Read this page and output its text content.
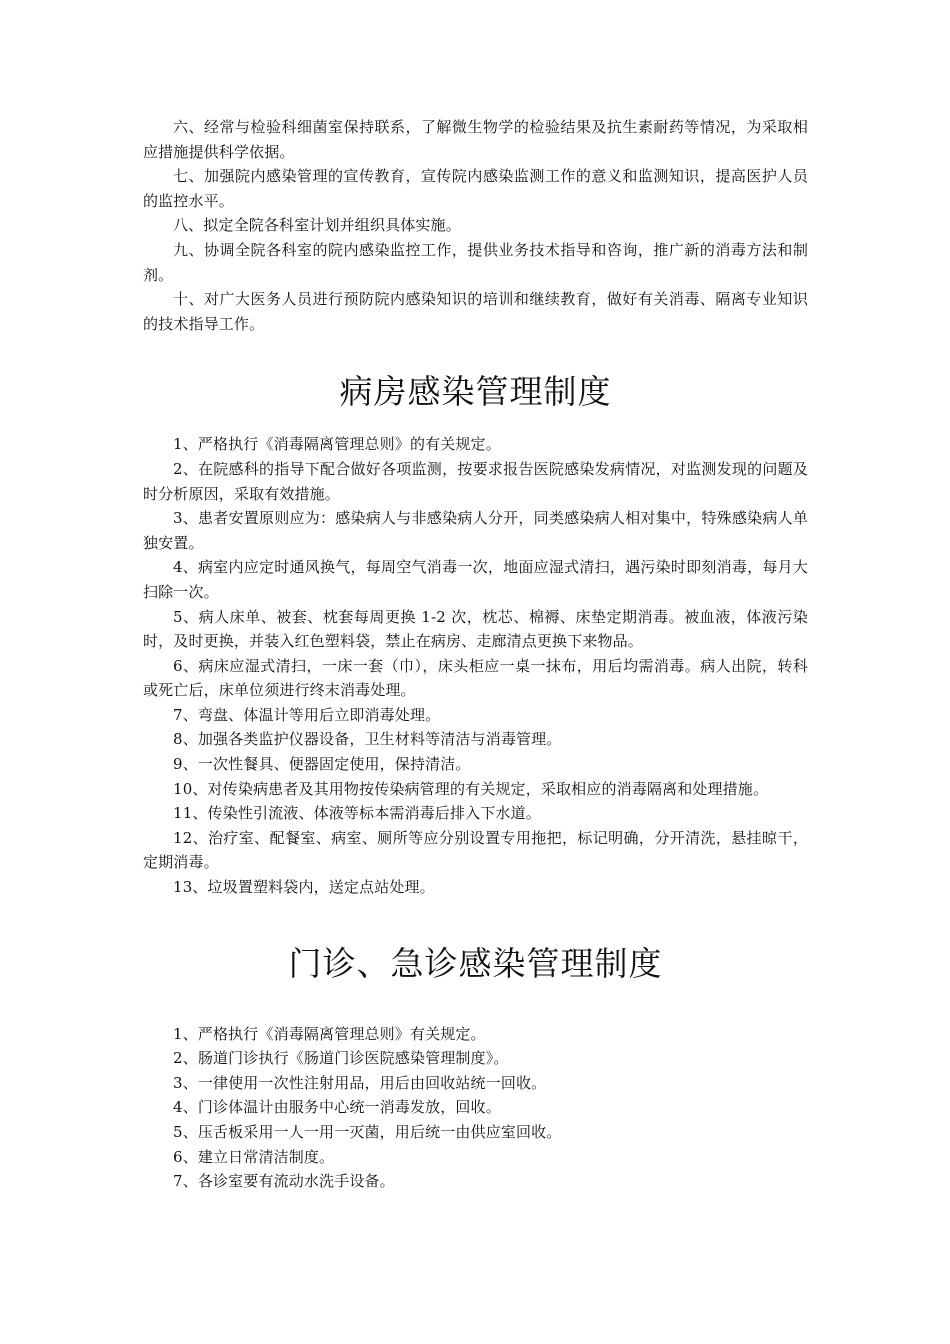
六、经常与检验科细菌室保持联系，了解微生物学的检验结果及抗生素耐药等情况，为采取相应措施提供科学依据。

七、加强院内感染管理的宣传教育，宣传院内感染监测工作的意义和监测知识，提高医护人员的监控水平。

八、拟定全院各科室计划并组织具体实施。

九、协调全院各科室的院内感染监控工作，提供业务技术指导和咨询，推广新的消毒方法和制剂。

十、对广大医务人员进行预防院内感染知识的培训和继续教育，做好有关消毒、隔离专业知识的技术指导工作。

病房感染管理制度

1、严格执行《消毒隔离管理总则》的有关规定。

2、在院感科的指导下配合做好各项监测，按要求报告医院感染发病情况，对监测发现的问题及时分析原因，采取有效措施。

3、患者安置原则应为：感染病人与非感染病人分开，同类感染病人相对集中，特殊感染病人单独安置。

4、病室内应定时通风换气，每周空气消毒一次，地面应湿式清扫，遇污染时即刻消毒，每月大扫除一次。

5、病人床单、被套、枕套每周更换 1-2 次，枕芯、棉褥、床垫定期消毒。被血液，体液污染时，及时更换，并装入红色塑料袋，禁止在病房、走廊清点更换下来物品。

6、病床应湿式清扫，一床一套（巾），床头柜应一桌一抹布，用后均需消毒。病人出院，转科或死亡后，床单位须进行终末消毒处理。

7、弯盘、体温计等用后立即消毒处理。

8、加强各类监护仪器设备，卫生材料等清洁与消毒管理。

9、一次性餐具、便器固定使用，保持清洁。

10、对传染病患者及其用物按传染病管理的有关规定，采取相应的消毒隔离和处理措施。

11、传染性引流液、体液等标本需消毒后排入下水道。

12、治疗室、配餐室、病室、厕所等应分别设置专用拖把，标记明确，分开清洗，悬挂晾干，定期消毒。

13、垃圾置塑料袋内，送定点站处理。

门诊、急诊感染管理制度

1、严格执行《消毒隔离管理总则》有关规定。

2、肠道门诊执行《肠道门诊医院感染管理制度》。

3、一律使用一次性注射用品，用后由回收站统一回收。

4、门诊体温计由服务中心统一消毒发放，回收。

5、压舌板采用一人一用一灭菌，用后统一由供应室回收。

6、建立日常清洁制度。

7、各诊室要有流动水洗手设备。
